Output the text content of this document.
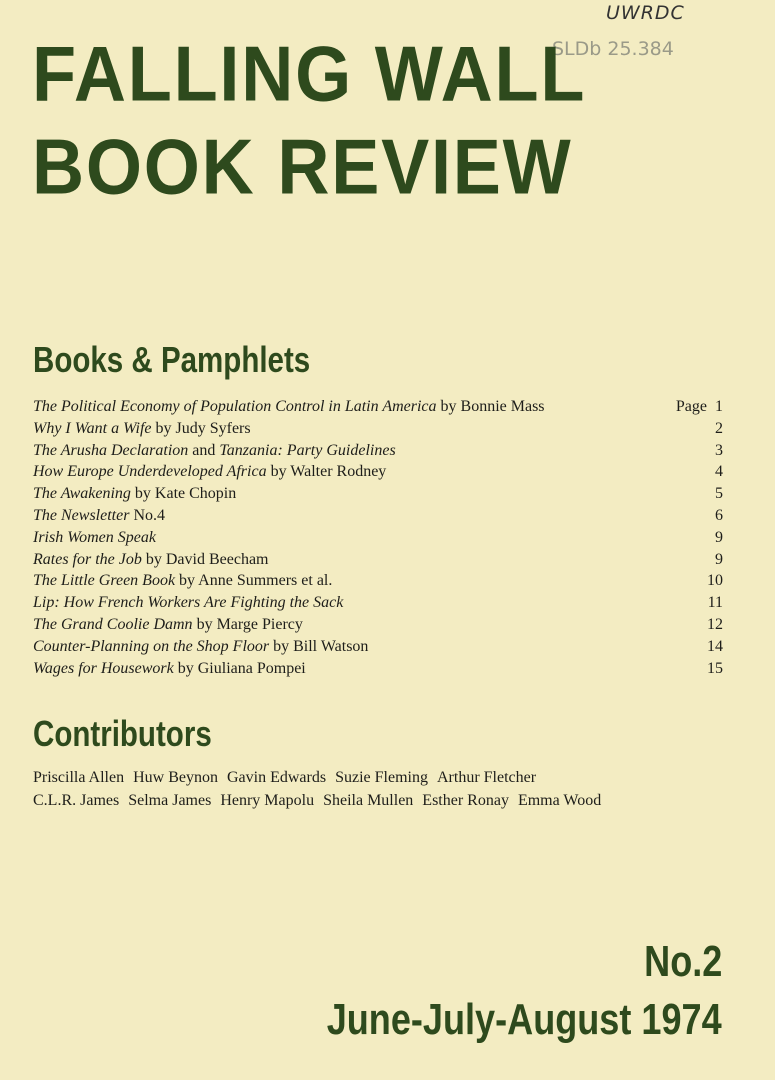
UWRDC
SLDb 25.384
FALLING WALL
BOOK REVIEW
Books & Pamphlets
The Political Economy of Population Control in Latin America by Bonnie Mass	Page 1
Why I Want a Wife by Judy Syfers	2
The Arusha Declaration and Tanzania: Party Guidelines	3
How Europe Underdeveloped Africa by Walter Rodney	4
The Awakening by Kate Chopin	5
The Newsletter No.4	6
Irish Women Speak	9
Rates for the Job by David Beecham	9
The Little Green Book by Anne Summers et al.	10
Lip: How French Workers Are Fighting the Sack	11
The Grand Coolie Damn by Marge Piercy	12
Counter-Planning on the Shop Floor by Bill Watson	14
Wages for Housework by Giuliana Pompei	15
Contributors
Priscilla Allen Huw Beynon Gavin Edwards Suzie Fleming Arthur Fletcher
C.L.R. James Selma James Henry Mapolu Sheila Mullen Esther Ronay Emma Wood
No.2
June-July-August 1974
